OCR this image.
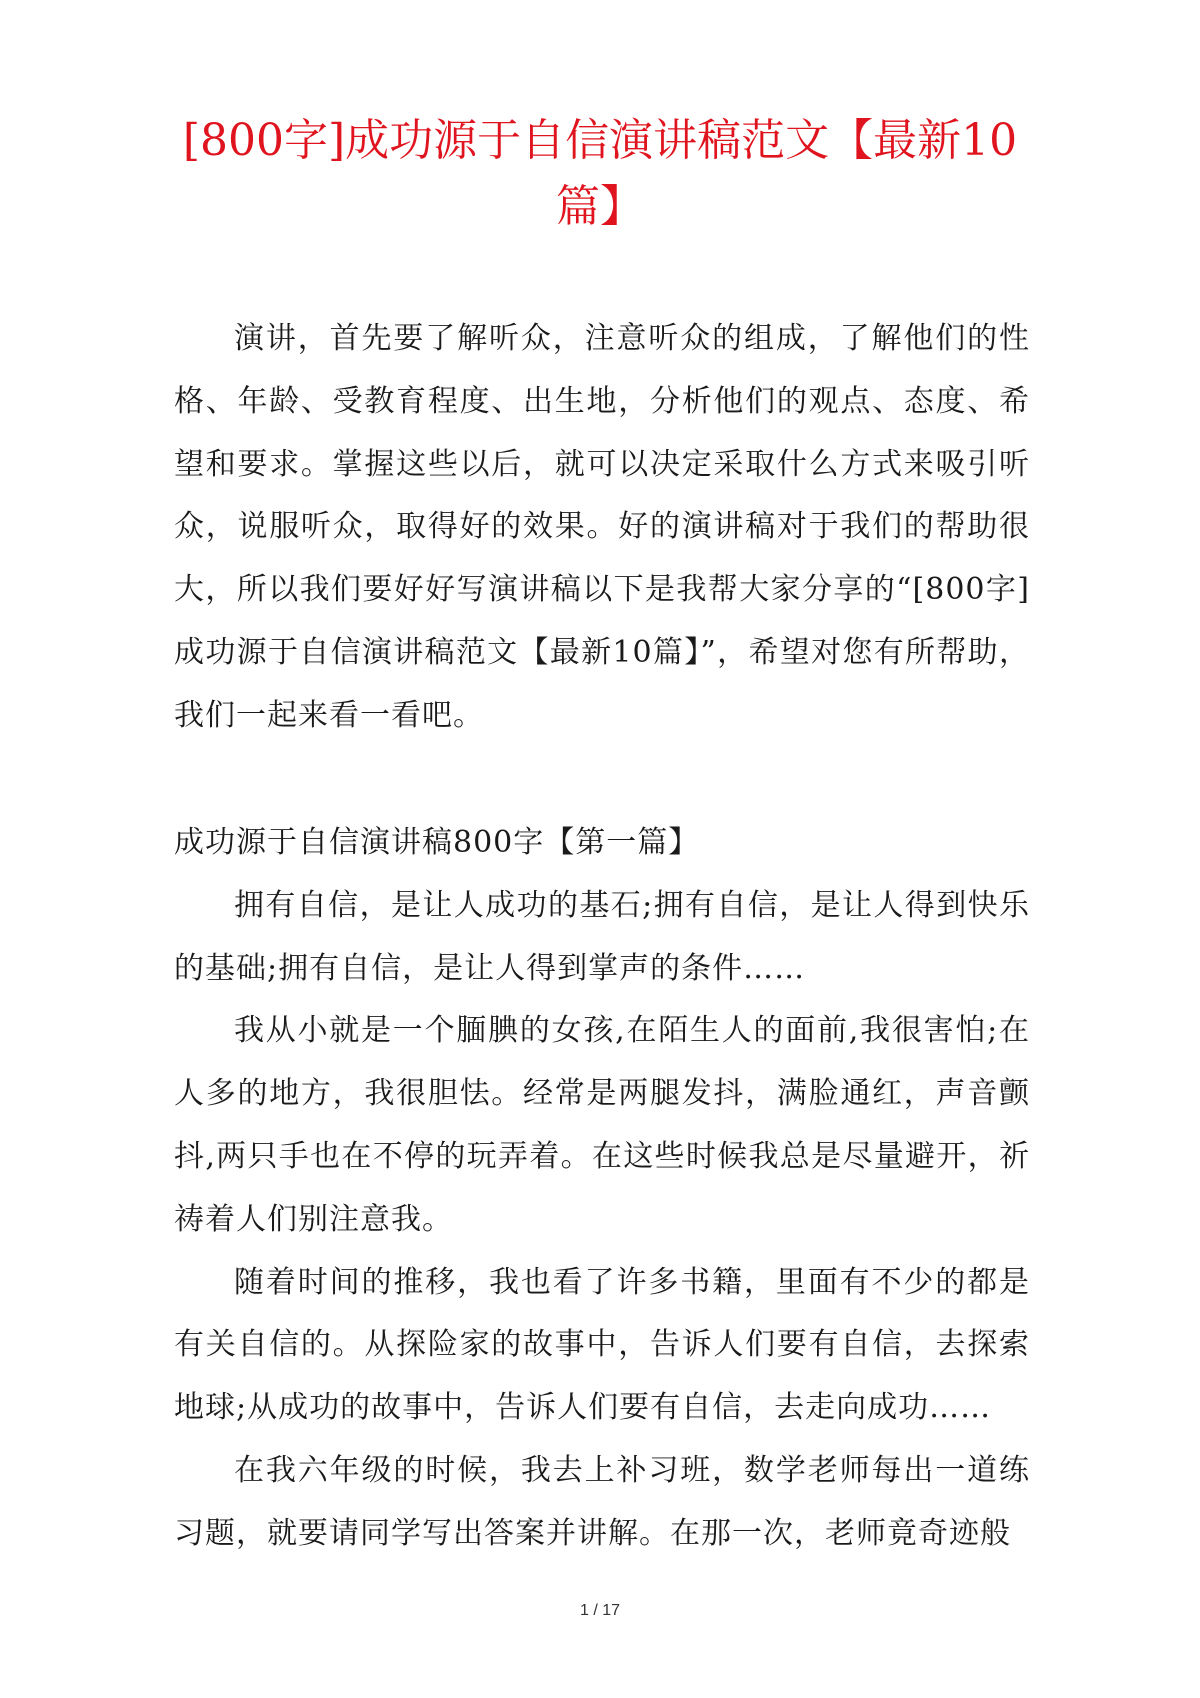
[800字]成功源于自信演讲稿范文【最新10篇】

演讲，首先要了解听众，注意听众的组成，了解他们的性格、年龄、受教育程度、出生地，分析他们的观点、态度、希望和要求。掌握这些以后，就可以决定采取什么方式来吸引听众，说服听众，取得好的效果。好的演讲稿对于我们的帮助很大，所以我们要好好写演讲稿以下是我帮大家分享的“[800字]成功源于自信演讲稿范文【最新10篇】”，希望对您有所帮助，我们一起来看一看吧。

成功源于自信演讲稿800字【第一篇】

拥有自信，是让人成功的基石;拥有自信，是让人得到快乐的基础;拥有自信，是让人得到掌声的条件……

我从小就是一个腼腆的女孩,在陌生人的面前,我很害怕;在人多的地方，我很胆怯。经常是两腿发抖，满脸通红，声音颤抖,两只手也在不停的玩弄着。在这些时候我总是尽量避开，祈祷着人们别注意我。

随着时间的推移，我也看了许多书籍，里面有不少的都是有关自信的。从探险家的故事中，告诉人们要有自信，去探索地球;从成功的故事中，告诉人们要有自信，去走向成功……

在我六年级的时候，我去上补习班，数学老师每出一道练习题，就要请同学写出答案并讲解。在那一次，老师竟奇迹般

1 / 17
